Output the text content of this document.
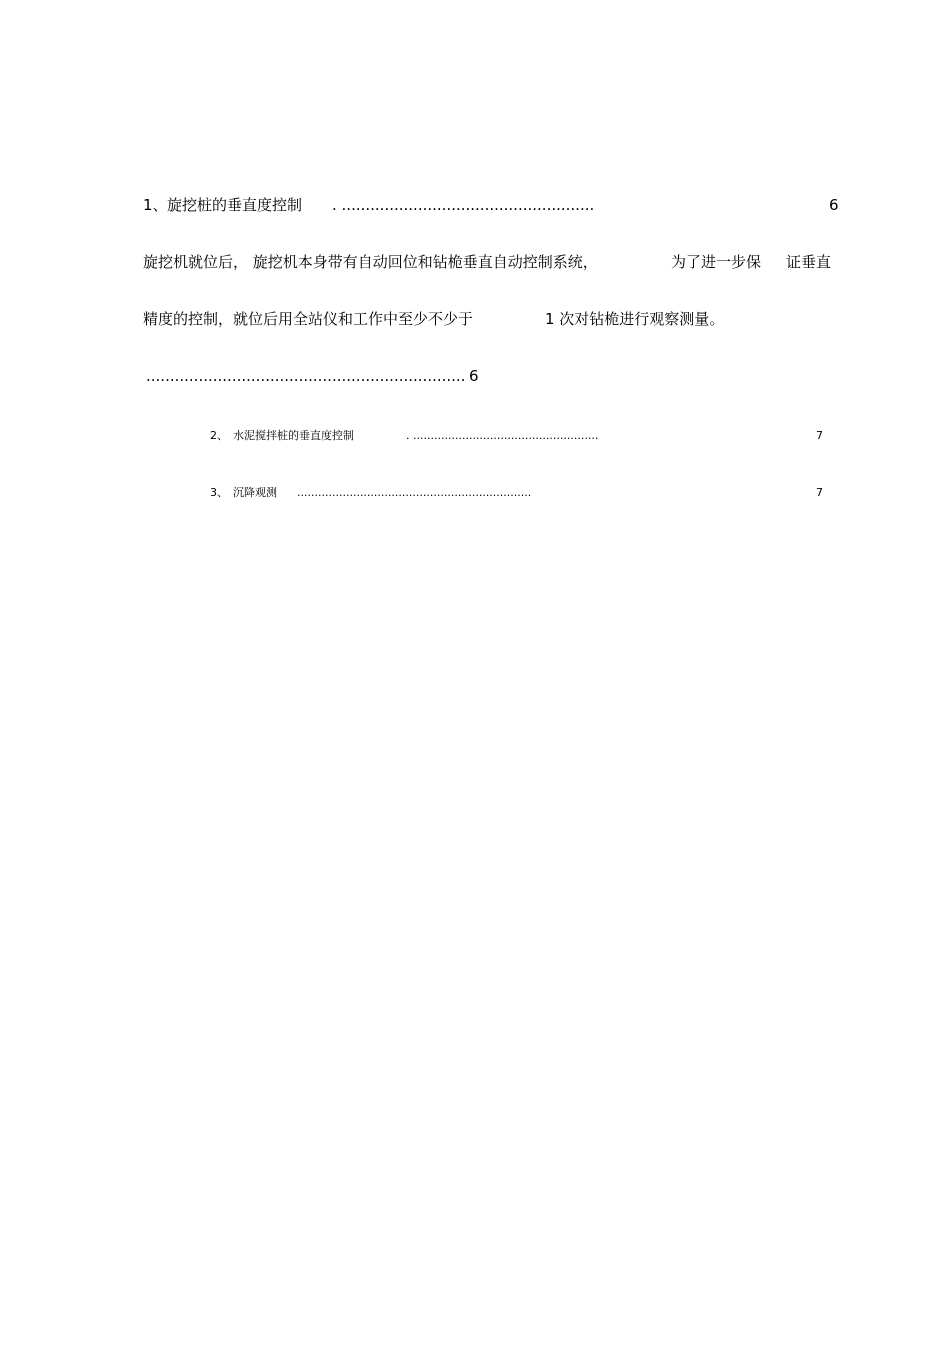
1、 旋挖桩的垂直度控制 . .....................................................	6
旋挖机就位后， 旋挖机本身带有自动回位和钻桅垂直自动控制系统，	为了进一步保 证垂直
精度的控制，就位后用全站仪和工作中至少不少于	1 次对钻桅进行观察测量。
................................................................... 6
2、 水泥搅拌桩的垂直度控制	. .....................................................	7
3、 沉降观测 ...................................................................	7
